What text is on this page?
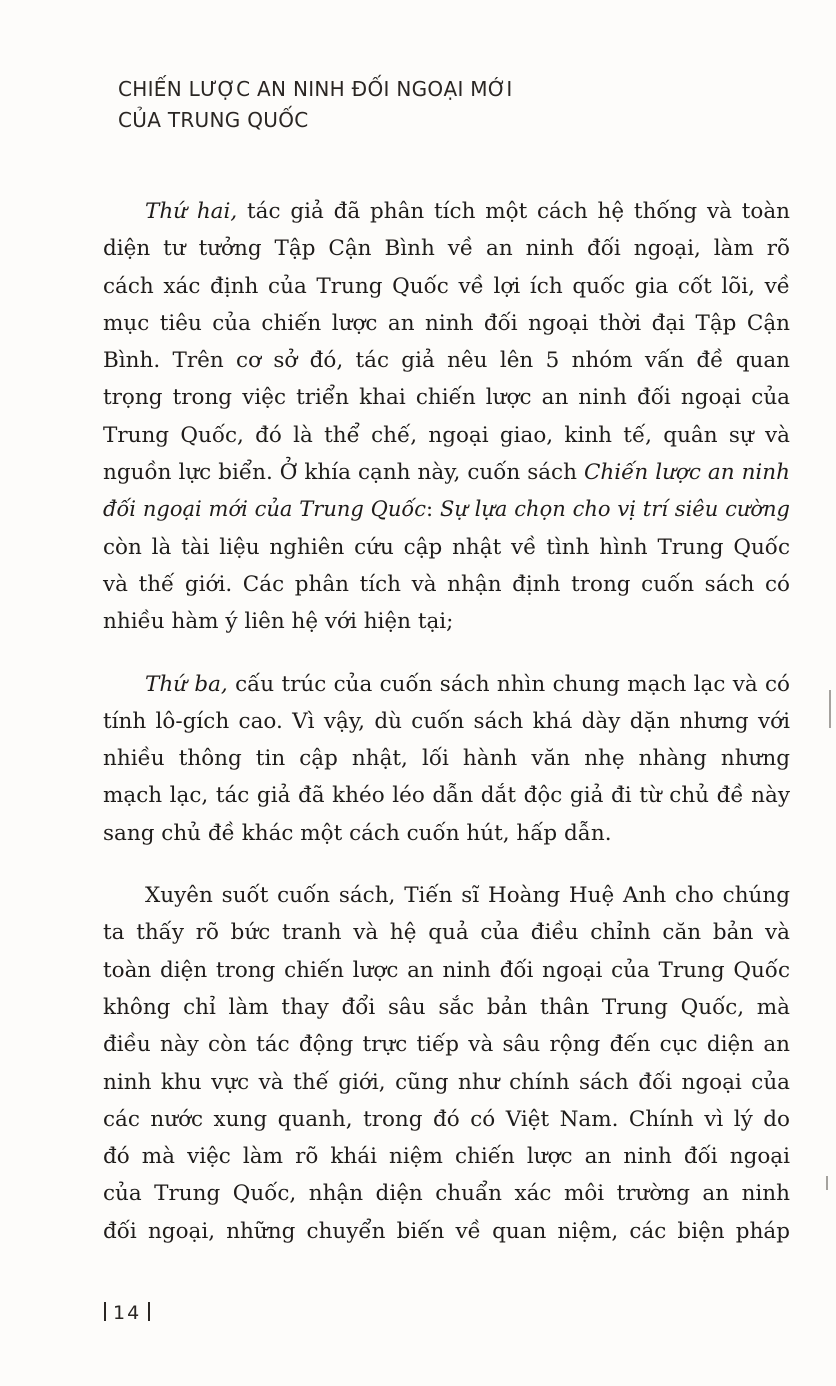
CHIẾN LƯỢC AN NINH ĐỐI NGOẠI MỚI
CỦA TRUNG QUỐC
Thứ hai, tác giả đã phân tích một cách hệ thống và toàn
diện tư tưởng Tập Cận Bình về an ninh đối ngoại, làm rõ
cách xác định của Trung Quốc về lợi ích quốc gia cốt lõi, về
mục tiêu của chiến lược an ninh đối ngoại thời đại Tập Cận
Bình. Trên cơ sở đó, tác giả nêu lên 5 nhóm vấn đề quan
trọng trong việc triển khai chiến lược an ninh đối ngoại của
Trung Quốc, đó là thể chế, ngoại giao, kinh tế, quân sự và
nguồn lực biển. Ở khía cạnh này, cuốn sách Chiến lược an ninh
đối ngoại mới của Trung Quốc: Sự lựa chọn cho vị trí siêu cường
còn là tài liệu nghiên cứu cập nhật về tình hình Trung Quốc
và thế giới. Các phân tích và nhận định trong cuốn sách có
nhiều hàm ý liên hệ với hiện tại;
Thứ ba, cấu trúc của cuốn sách nhìn chung mạch lạc và có
tính lô-gích cao. Vì vậy, dù cuốn sách khá dày dặn nhưng với
nhiều thông tin cập nhật, lối hành văn nhẹ nhàng nhưng
mạch lạc, tác giả đã khéo léo dẫn dắt độc giả đi từ chủ đề này
sang chủ đề khác một cách cuốn hút, hấp dẫn.
Xuyên suốt cuốn sách, Tiến sĩ Hoàng Huệ Anh cho chúng
ta thấy rõ bức tranh và hệ quả của điều chỉnh căn bản và
toàn diện trong chiến lược an ninh đối ngoại của Trung Quốc
không chỉ làm thay đổi sâu sắc bản thân Trung Quốc, mà
điều này còn tác động trực tiếp và sâu rộng đến cục diện an
ninh khu vực và thế giới, cũng như chính sách đối ngoại của
các nước xung quanh, trong đó có Việt Nam. Chính vì lý do
đó mà việc làm rõ khái niệm chiến lược an ninh đối ngoại
của Trung Quốc, nhận diện chuẩn xác môi trường an ninh
đối ngoại, những chuyển biến về quan niệm, các biện pháp
14
